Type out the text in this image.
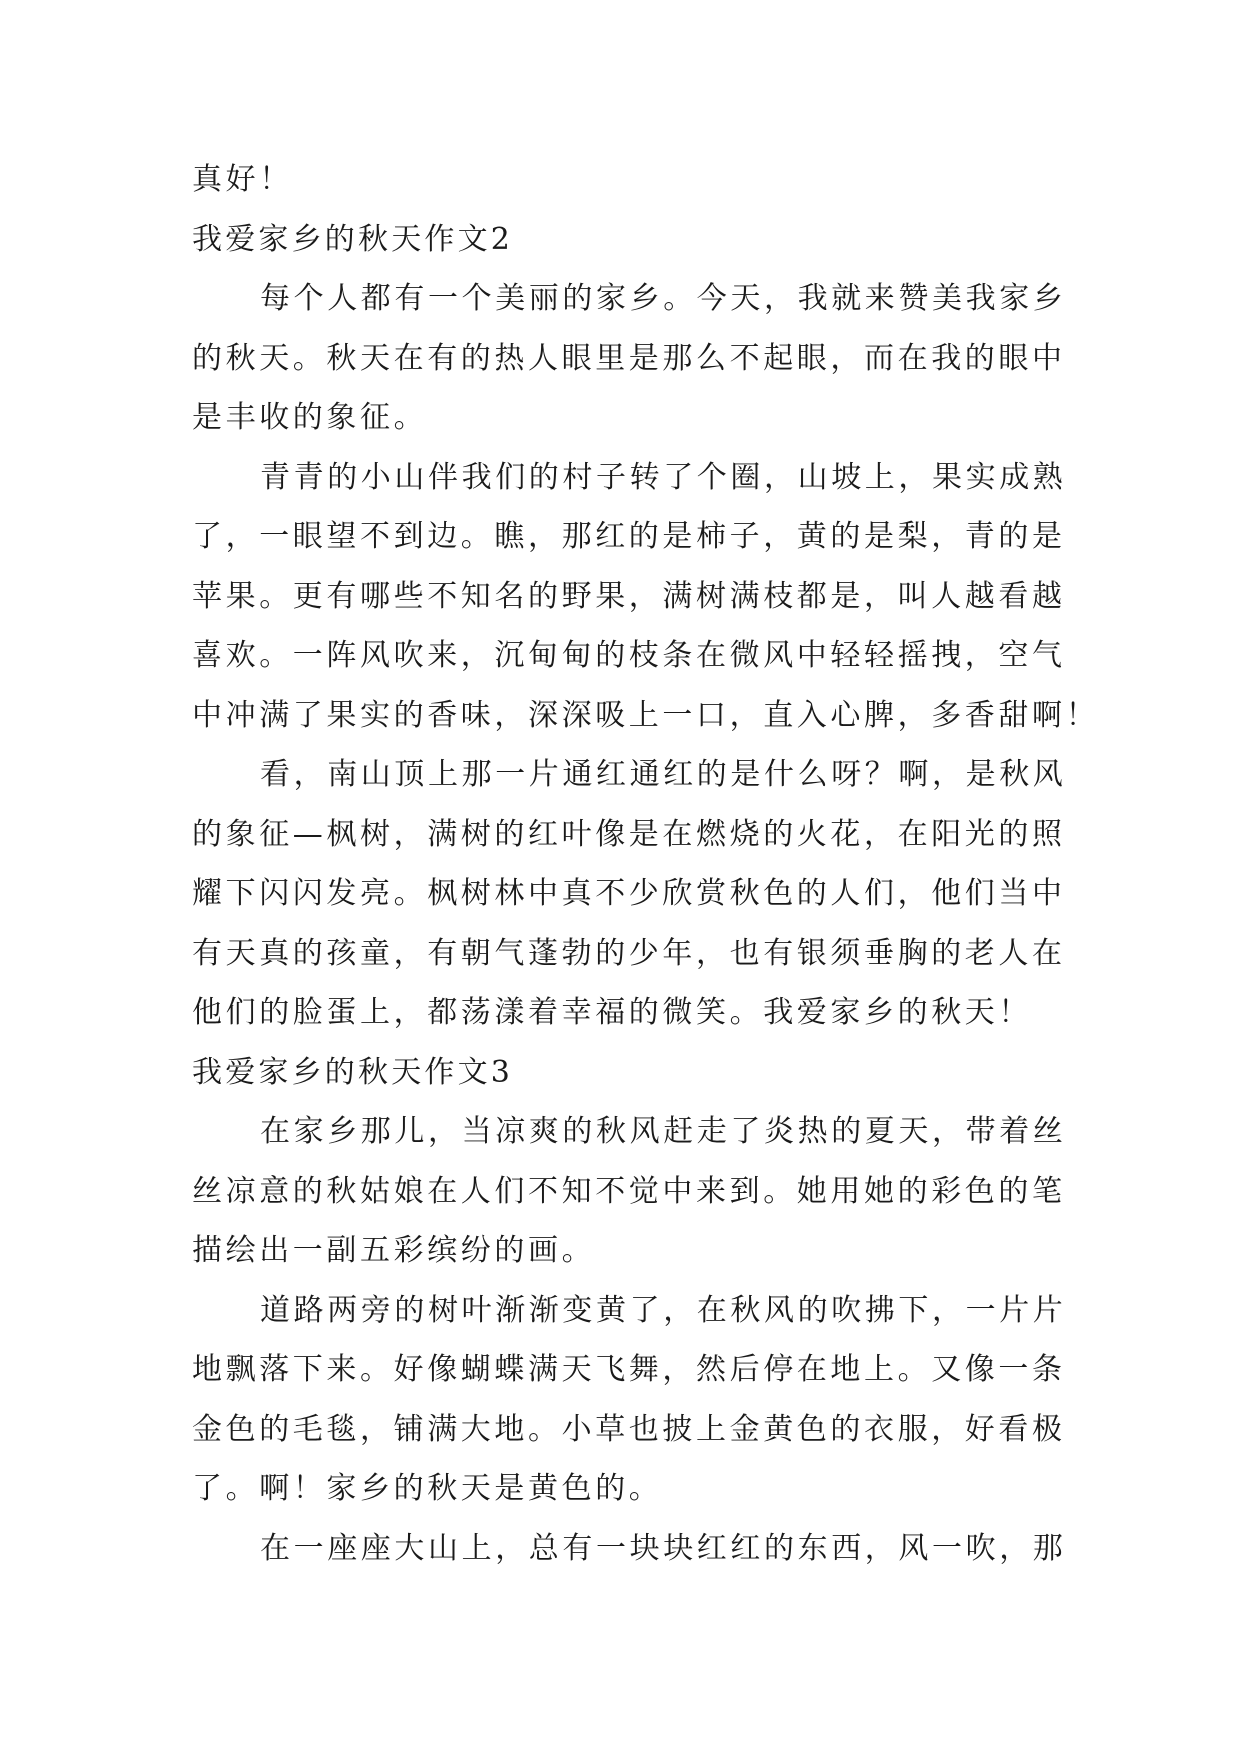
真好！
我爱家乡的秋天作文2
每个人都有一个美丽的家乡。今天，我就来赞美我家乡
的秋天。秋天在有的热人眼里是那么不起眼，而在我的眼中
是丰收的象征。
青青的小山伴我们的村子转了个圈，山坡上，果实成熟
了，一眼望不到边。瞧，那红的是柿子，黄的是梨，青的是
苹果。更有哪些不知名的野果，满树满枝都是，叫人越看越
喜欢。一阵风吹来，沉甸甸的枝条在微风中轻轻摇拽，空气
中冲满了果实的香味，深深吸上一口，直入心脾，多香甜啊！
看，南山顶上那一片通红通红的是什么呀？啊，是秋风
的象征—枫树，满树的红叶像是在燃烧的火花，在阳光的照
耀下闪闪发亮。枫树林中真不少欣赏秋色的人们，他们当中
有天真的孩童，有朝气蓬勃的少年，也有银须垂胸的老人在
他们的脸蛋上，都荡漾着幸福的微笑。我爱家乡的秋天！
我爱家乡的秋天作文3
在家乡那儿，当凉爽的秋风赶走了炎热的夏天，带着丝
丝凉意的秋姑娘在人们不知不觉中来到。她用她的彩色的笔
描绘出一副五彩缤纷的画。
道路两旁的树叶渐渐变黄了，在秋风的吹拂下，一片片
地飘落下来。好像蝴蝶满天飞舞，然后停在地上。又像一条
金色的毛毯，铺满大地。小草也披上金黄色的衣服，好看极
了。啊！家乡的秋天是黄色的。
在一座座大山上，总有一块块红红的东西，风一吹，那
